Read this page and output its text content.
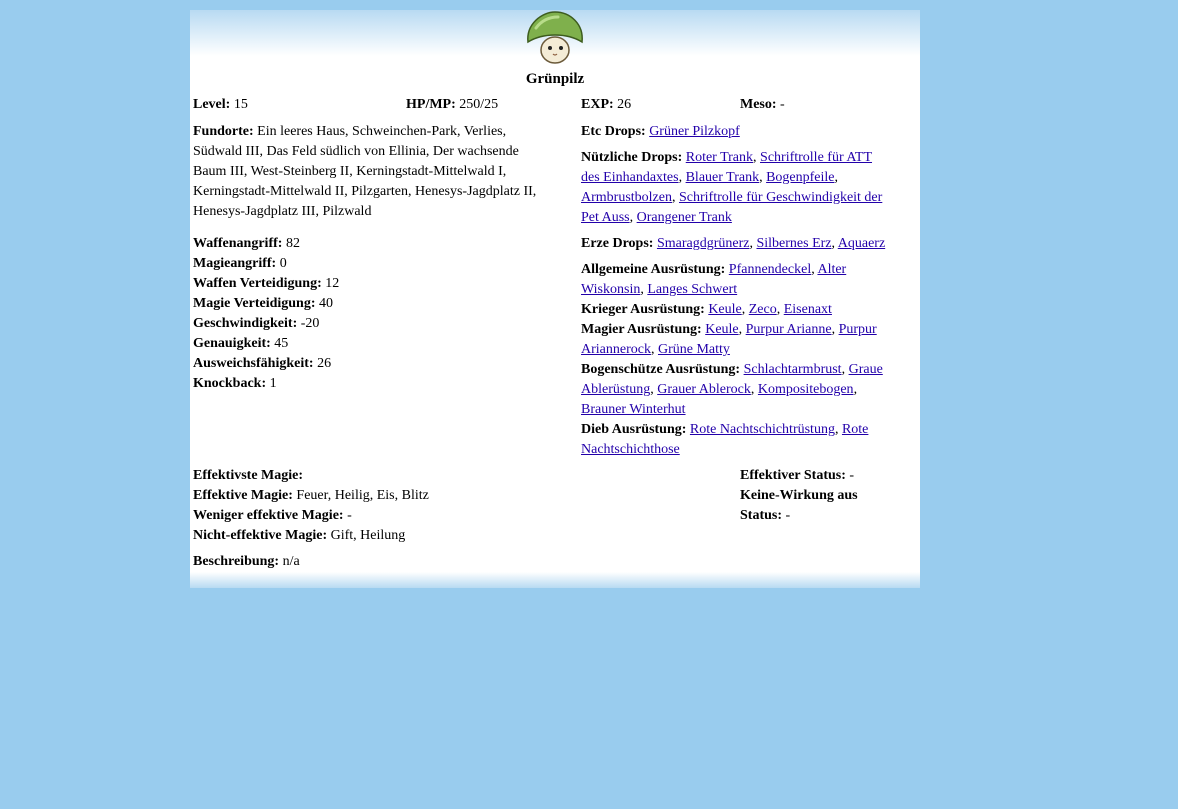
Grünpilz
Level: 15	HP/MP: 250/25	EXP: 26	Meso: -
Fundorte: Ein leeres Haus, Schweinchen-Park, Verlies,
Südwald III, Das Feld südlich von Ellinia, Der wachsende
Baum III, West-Steinberg II, Kerningstadt-Mittelwald I,
Kerningstadt-Mittelwald II, Pilzgarten, Henesys-Jagdplatz II,
Henesys-Jagdplatz III, Pilzwald
Waffenangriff: 82
Magieangriff: 0
Waffen Verteidigung: 12
Magie Verteidigung: 40
Geschwindigkeit: -20
Genauigkeit: 45
Ausweichsfähigkeit: 26
Knockback: 1
Etc Drops: Grüner Pilzkopf
Nützliche Drops: Roter Trank, Schriftrolle für ATT
des Einhandaxtes, Blauer Trank, Bogenpfeile,
Armbrustbolzen, Schriftrolle für Geschwindigkeit der
Pet Auss, Orangener Trank
Erze Drops: Smaragdgrünerz, Silbernes Erz, Aquaerz
Allgemeine Ausrüstung: Pfannendeckel, Alter
Wiskonsin, Langes Schwert
Krieger Ausrüstung: Keule, Zeco, Eisenaxt
Magier Ausrüstung: Keule, Purpur Arianne, Purpur
Ariannerock, Grüne Matty
Bogenschütze Ausrüstung: Schlachtarmbrust, Graue
Ablerüstung, Grauer Ablerock, Kompositebogen,
Brauner Winterhut
Dieb Ausrüstung: Rote Nachtschichtrüstung, Rote
Nachtschichthose
Effektivste Magie:
Effektive Magie: Feuer, Heilig, Eis, Blitz
Weniger effektive Magie: -
Nicht-effektive Magie: Gift, Heilung
Effektiver Status: -
Keine-Wirkung aus
Status: -
Beschreibung: n/a
